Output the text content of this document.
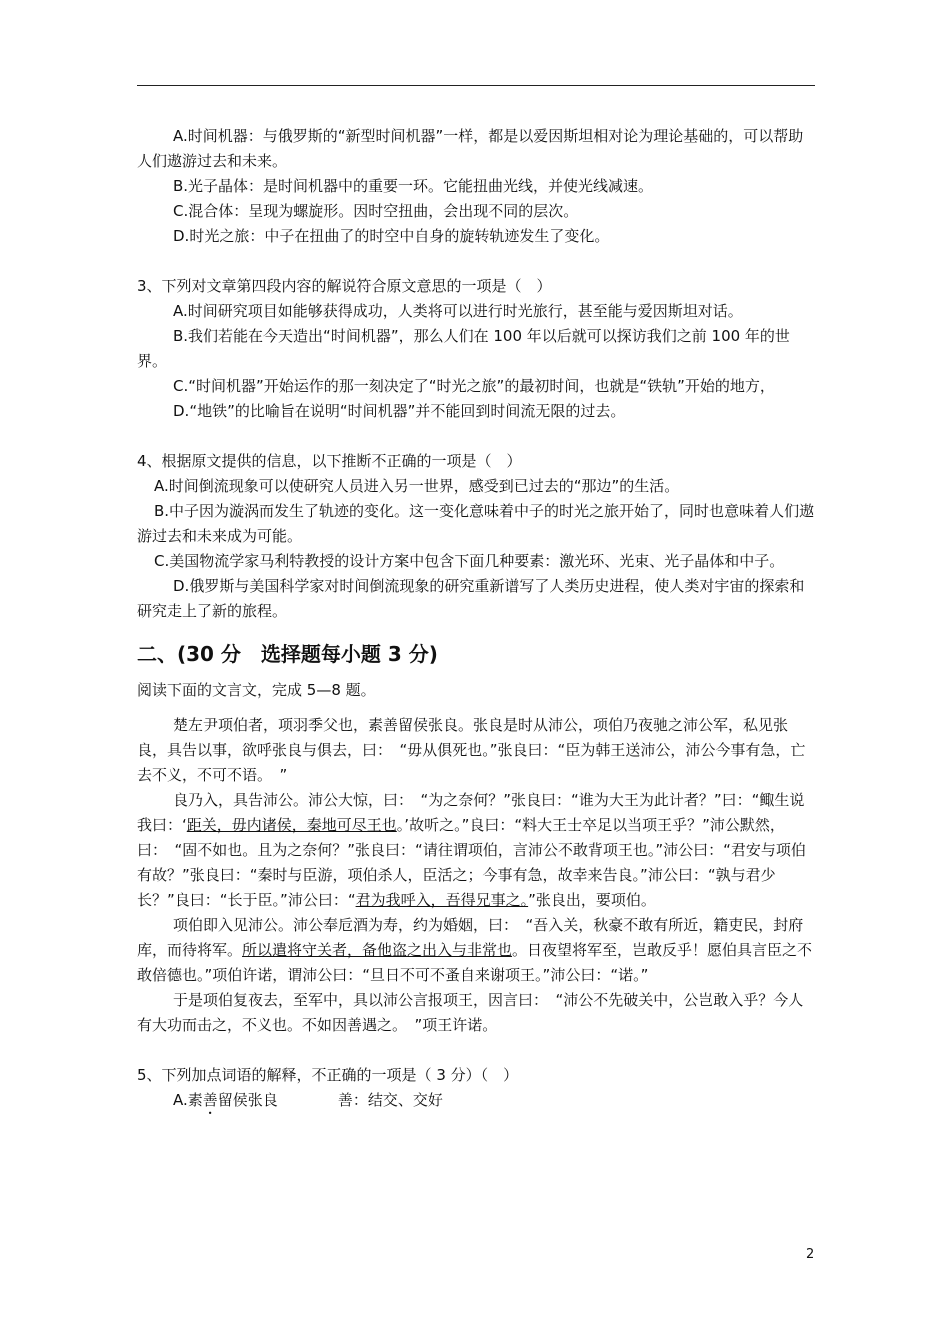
A.时间机器：与俄罗斯的“新型时间机器”一样，都是以爱因斯坦相对论为理论基础的，可以帮助人们遨游过去和未来。

B.光子晶体：是时间机器中的重要一环。它能扭曲光线，并使光线减速。

C.混合体：呈现为螺旋形。因时空扭曲，会出现不同的层次。

D.时光之旅：中子在扭曲了的时空中自身的旋转轨迹发生了变化。

3、下列对文章第四段内容的解说符合原文意思的一项是（　）

A.时间研究项目如能够获得成功，人类将可以进行时光旅行，甚至能与爱因斯坦对话。

B.我们若能在今天造出“时间机器”，那么人们在 100 年以后就可以探访我们之前 100 年的世界。

C.“时间机器”开始运作的那一刻决定了“时光之旅”的最初时间，也就是“铁轨”开始的地方，

D.“地铁”的比喻旨在说明“时间机器”并不能回到时间流无限的过去。

4、根据原文提供的信息，以下推断不正确的一项是（　）

A.时间倒流现象可以使研究人员进入另一世界，感受到已过去的“那边”的生活。

B.中子因为漩涡而发生了轨迹的变化。这一变化意味着中子的时光之旅开始了，同时也意味着人们遨游过去和未来成为可能。

C.美国物流学家马利特教授的设计方案中包含下面几种要素：激光环、光束、光子晶体和中子。

D.俄罗斯与美国科学家对时间倒流现象的研究重新谱写了人类历史进程，使人类对宇宙的探索和研究走上了新的旅程。

二、(30 分　选择题每小题 3 分)

阅读下面的文言文，完成 5—8 题。

楚左尹项伯者，项羽季父也，素善留侯张良。张良是时从沛公，项伯乃夜驰之沛公军，私见张良，具告以事，欲呼张良与俱去，曰：　“毋从俱死也。”张良曰：“臣为韩王送沛公，沛公今事有急，亡去不义，不可不语。　”

良乃入，具告沛公。沛公大惊，曰：　“为之奈何？”张良曰：“谁为大王为此计者？”曰：“鲰生说我曰：‘距关，毋内诸侯，秦地可尽王也。’故听之。”良曰：“料大王士卒足以当项王乎？”沛公默然，曰：　“固不如也。且为之奈何？”张良曰：“请往谓项伯，言沛公不敢背项王也。”沛公曰：“君安与项伯有故？”张良曰：“秦时与臣游，项伯杀人，臣活之；今事有急，故幸来告良。”沛公曰：“孰与君少长？”良曰：“长于臣。”沛公曰：“君为我呼入，吾得兄事之。”张良出，要项伯。

项伯即入见沛公。沛公奉卮酒为寿，约为婚姻，曰：　“吾入关，秋豪不敢有所近，籍吏民，封府库，而待将军。所以遣将守关者，备他盗之出入与非常也。日夜望将军至，岂敢反乎！愿伯具言臣之不敢倍德也。”项伯许诺，谓沛公曰：“旦日不可不蚤自来谢项王。”沛公曰：“诺。”

于是项伯复夜去，至军中，具以沛公言报项王，因言曰：　“沛公不先破关中，公岂敢入乎？今人有大功而击之，不义也。不如因善遇之。　”项王许诺。

5、下列加点词语的解释，不正确的一项是（ 3 分）（　）

A.素善留侯张良	善：结交、交好

2
